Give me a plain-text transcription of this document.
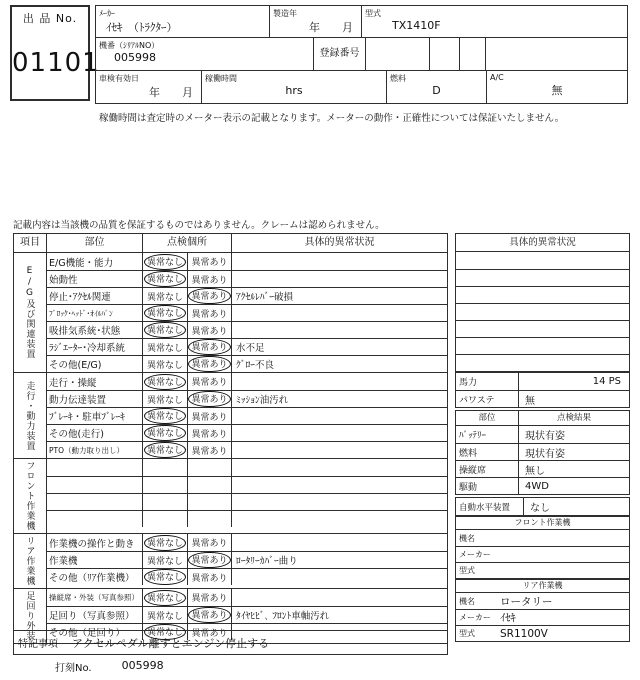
出 品 No.
01101
ﾒｰｶｰ
ｲｾｷ　（ﾄﾗｸﾀｰ）
製造年
年　　月
型式
TX1410F
機番（ｼﾘｱﾙNO）
005998	登録番号
車検有効日
年　　月
稼働時間
hrs
燃料
D
A/C
無
稼働時間は査定時のメーター表示の記載となります。メーターの動作・正確性については保証いたしません。
記載内容は当該機の品質を保証するものではありません。クレームは認められません。
項目	部位	点検個所	具体的異常状況
E/G及び関連装置
E/G機能・能力	異常なし 異常あり
始動性	異常なし 異常あり
停止･ｱｸｾﾙ関連	異常なし 異常あり ｱｸｾﾙﾚﾊﾞｰ破損
ﾌﾞﾛｯｸ･ﾍｯﾄﾞ･ｵｲﾙﾊﾟﾝ	異常なし 異常あり
吸排気系統･状態	異常なし 異常あり
ﾗｼﾞｴｰﾀｰ･冷却系統	異常なし 異常あり 水不足
その他(E/G)	異常なし 異常あり ｸﾞﾛｰ不良
走行・動力装置	走行・操縦	異常なし 異常あり
動力伝達装置	異常なし 異常あり ﾐｯｼｮﾝ油汚れ
ﾌﾞﾚｰｷ・駐車ﾌﾞﾚｰｷ	異常なし 異常あり
その他(走行)	異常なし 異常あり
PTO（動力取り出し）	異常なし 異常あり
フロント作業機
リア作業機	作業機の操作と動き	異常なし 異常あり
作業機	異常なし 異常あり ﾛｰﾀﾘｰｶﾊﾞｰ曲り
その他（ﾘｱ作業機）	異常なし 異常あり
足回り外装	操縦席・外装（写真参照） 異常なし 異常あり
足回り（写真参照）	異常なし 異常あり ﾀｲﾔﾋﾋﾞ､ ﾌﾛﾝﾄ車軸汚れ
その他（足回り）	異常なし 異常あり
具体的異常状況
馬力	14 PS
パワステ	無
部位	点検結果
ﾊﾞｯﾃﾘｰ	現状有姿
燃料	現状有姿
操縦席	無し
駆動	4WD
自動水平装置	なし
フロント作業機
機名
メーカー
型式
リア作業機
機名	ロータリー
メーカー ｲｾｷ
型式	SR1100V
特記事項 アクセルペダル離すとエンジン停止する
打刻No.	005998
